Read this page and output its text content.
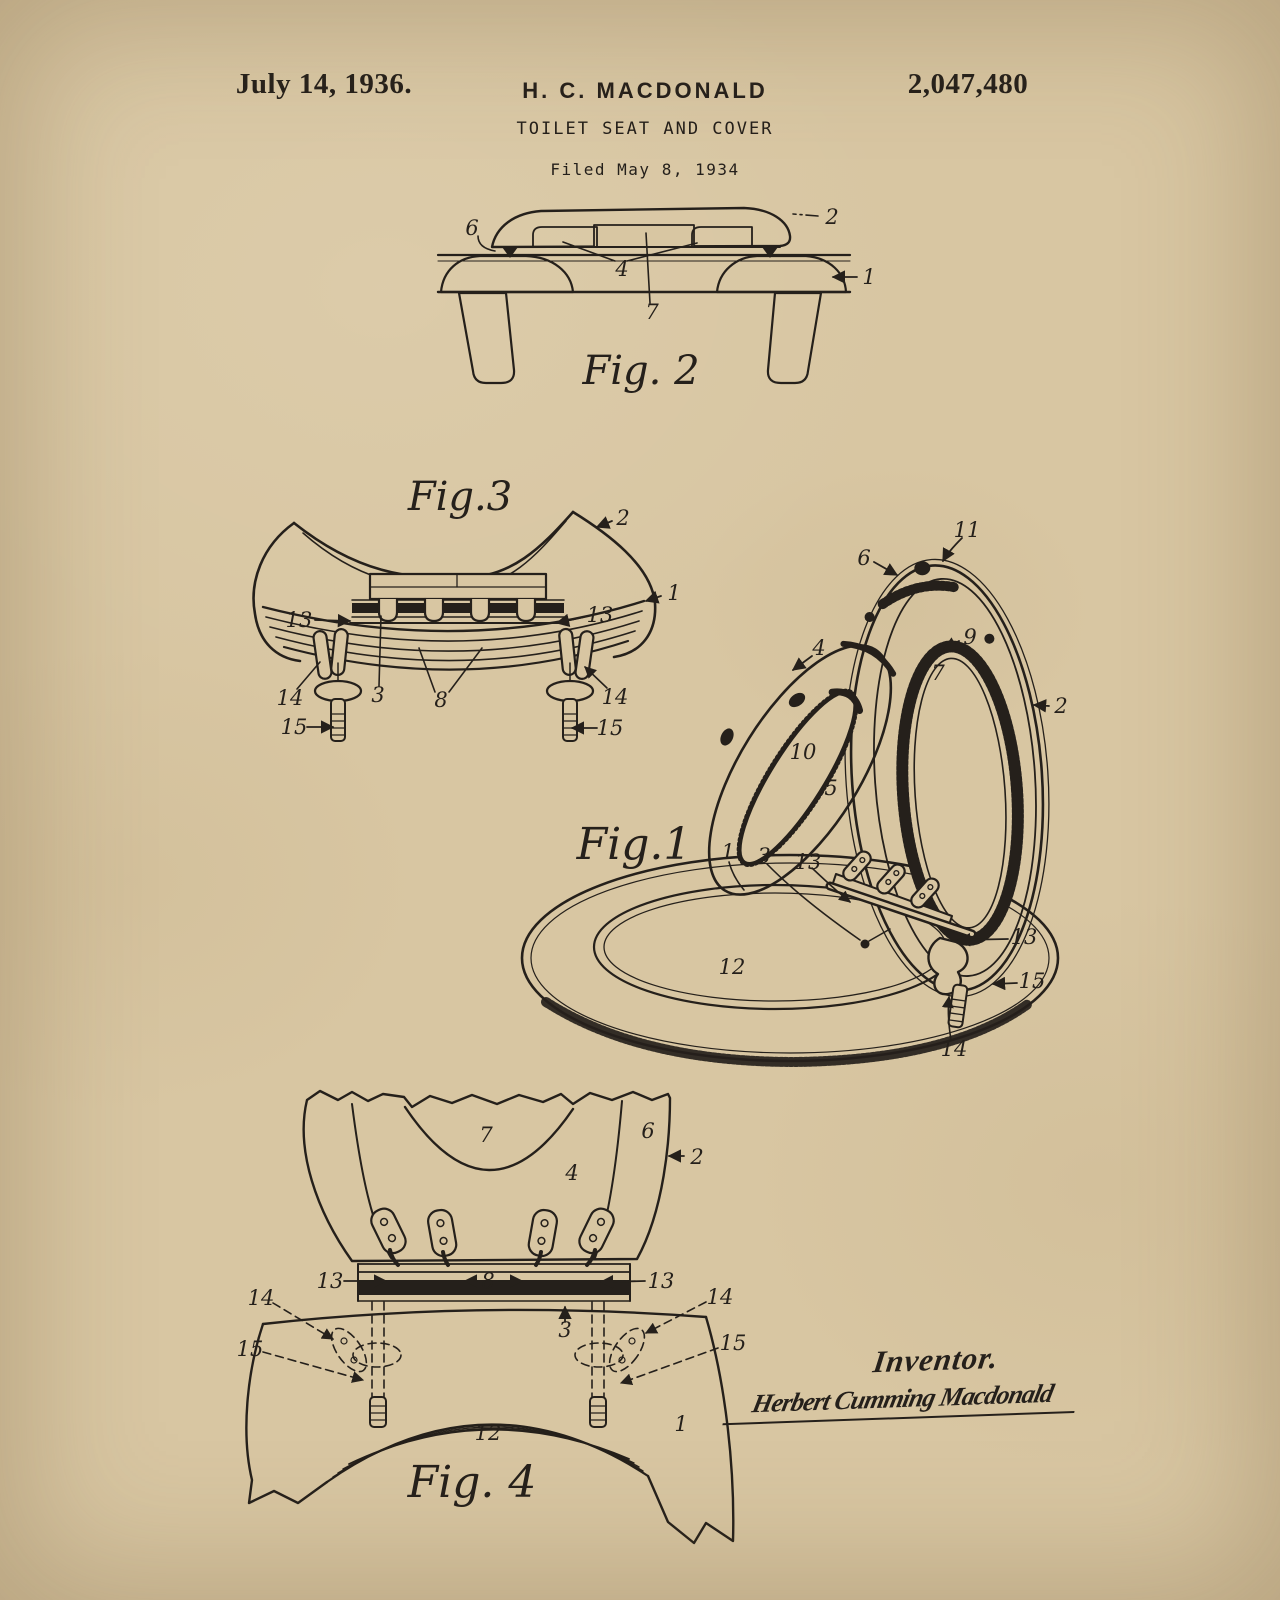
July 14, 1936.	H. C. MACDONALD	2,047,480
TOILET SEAT AND COVER
Filed May 8, 1934
6	2
4
7
1
Fig. 2
2
1
13	13
14	3 8	14
15	15
Fig.3
11
6
9
7
2
4
10
5
1 3 13
13
15
14
12
Fig.1
7	6
2
4
13	8	13
14	14
15	15
3
12	1
Fig. 4
Inventor.
Herbert Cumming Macdonald
